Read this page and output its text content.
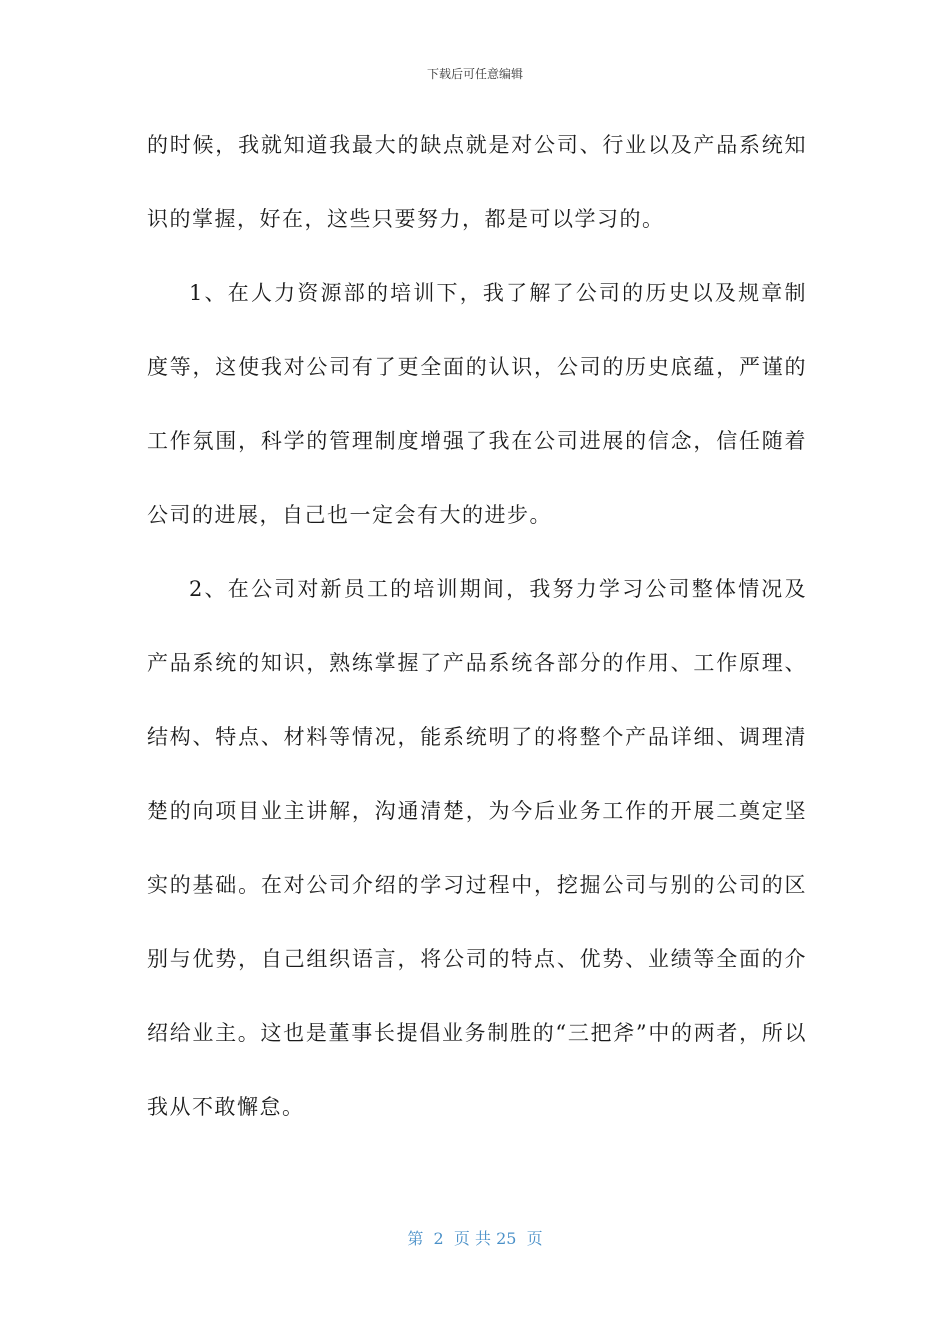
下载后可任意编辑

的时候，我就知道我最大的缺点就是对公司、行业以及产品系统知识的掌握，好在，这些只要努力，都是可以学习的。

1、在人力资源部的培训下，我了解了公司的历史以及规章制度等，这使我对公司有了更全面的认识，公司的历史底蕴，严谨的工作氛围，科学的管理制度增强了我在公司进展的信念，信任随着公司的进展，自己也一定会有大的进步。

2、在公司对新员工的培训期间，我努力学习公司整体情况及产品系统的知识，熟练掌握了产品系统各部分的作用、工作原理、结构、特点、材料等情况，能系统明了的将整个产品详细、调理清楚的向项目业主讲解，沟通清楚，为今后业务工作的开展二奠定坚实的基础。在对公司介绍的学习过程中，挖掘公司与别的公司的区别与优势，自己组织语言，将公司的特点、优势、业绩等全面的介绍给业主。这也是董事长提倡业务制胜的“三把斧”中的两者，所以我从不敢懈怠。

第  2  页 共 25  页
